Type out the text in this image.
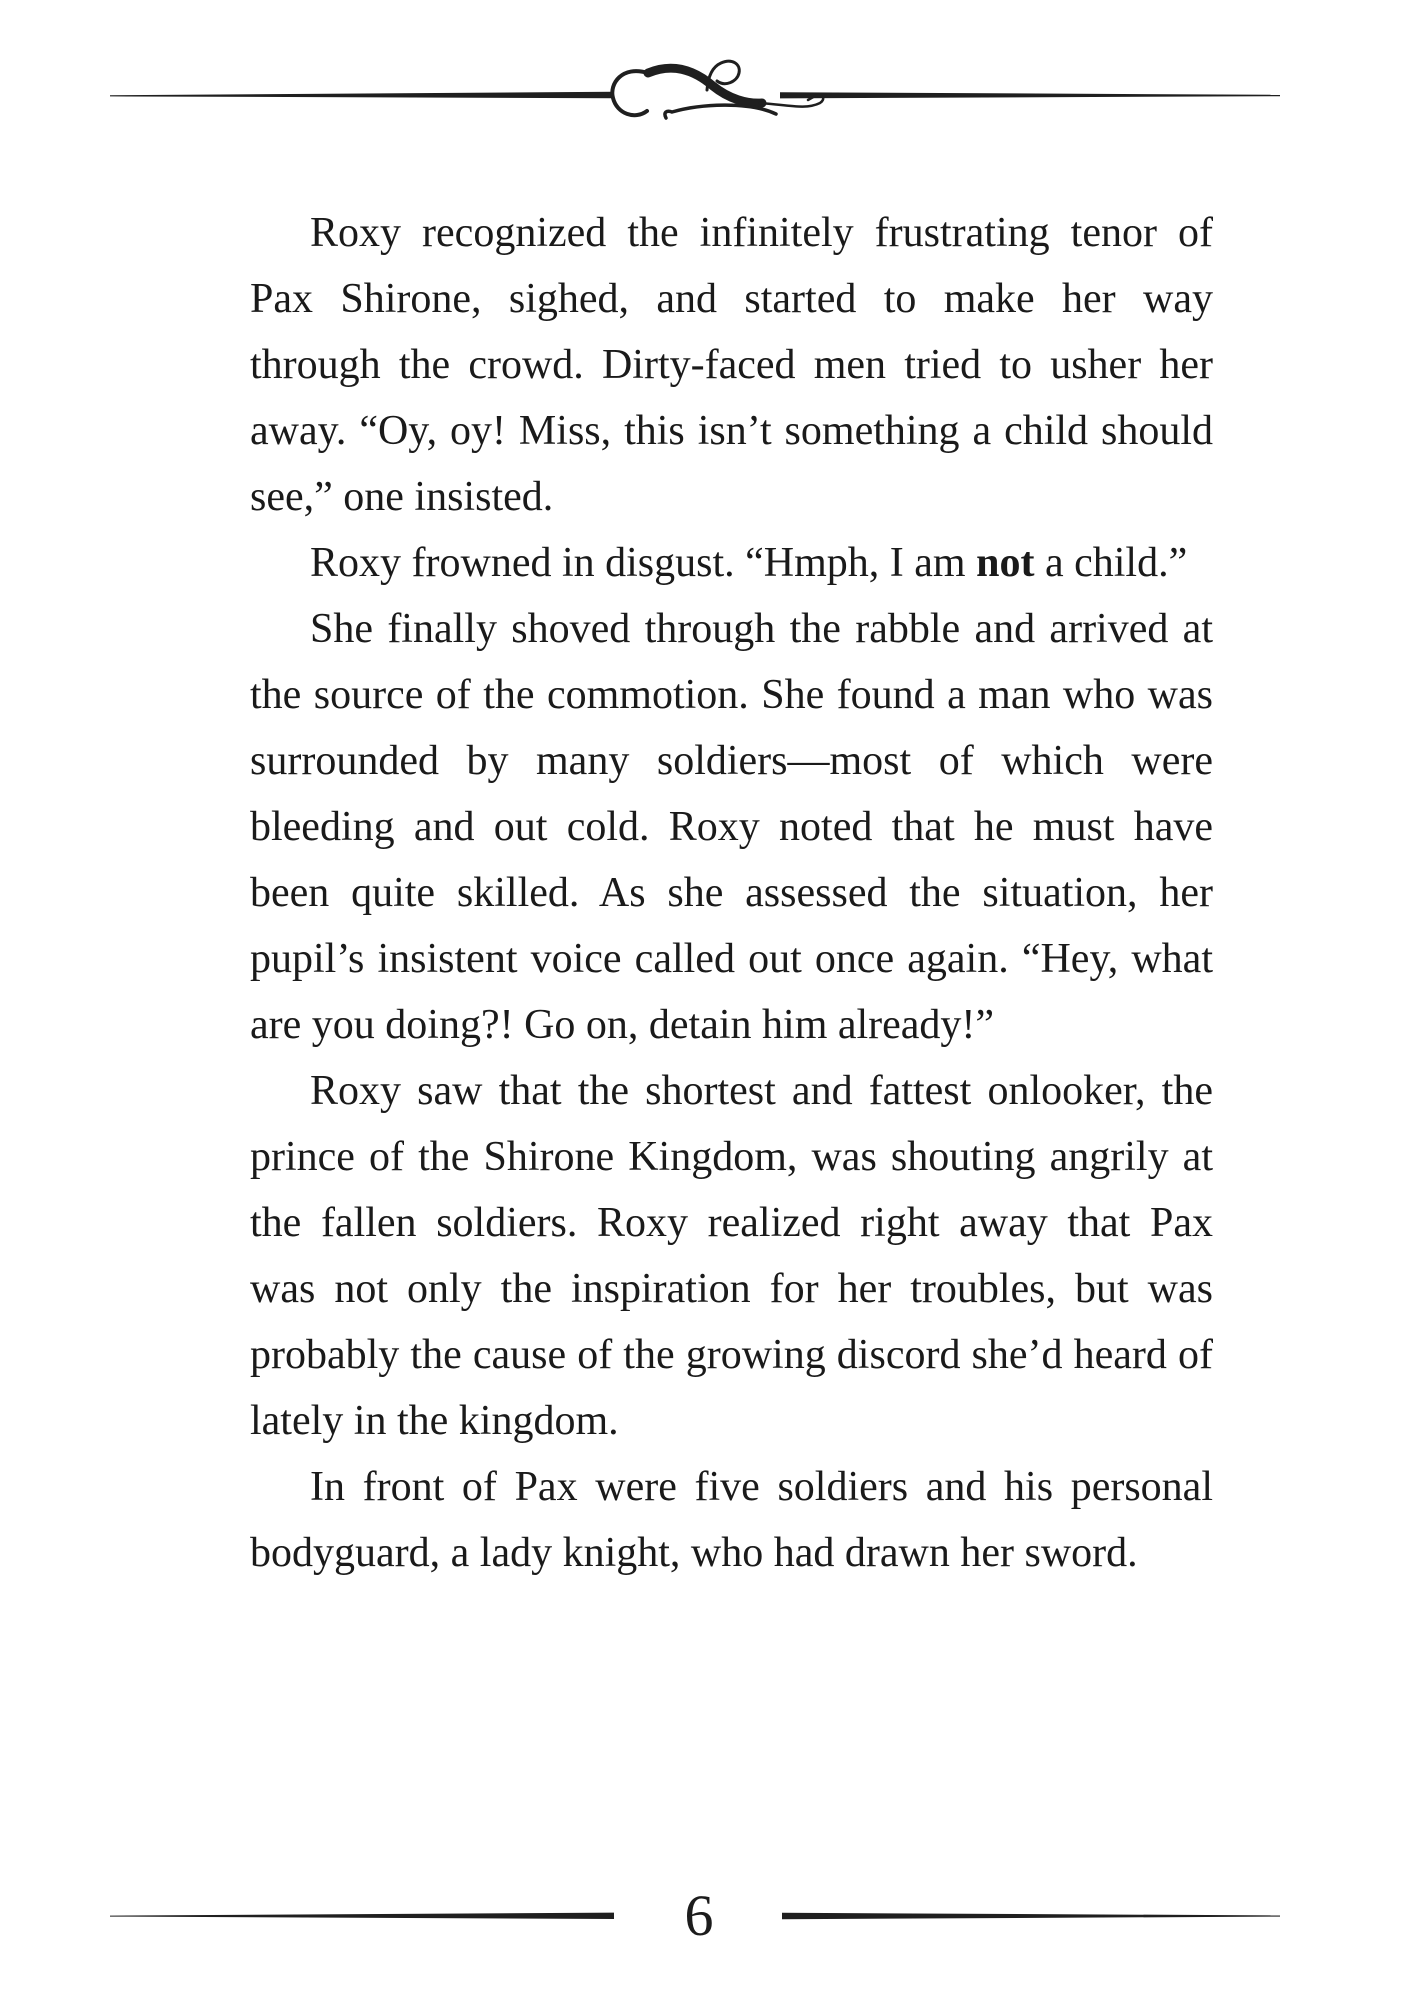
Roxy recognized the infinitely frustrating tenor of Pax Shirone, sighed, and started to make her way through the crowd. Dirty-faced men tried to usher her away. “Oy, oy! Miss, this isn’t something a child should see,” one insisted.

Roxy frowned in disgust. “Hmph, I am not a child.”

She finally shoved through the rabble and arrived at the source of the commotion. She found a man who was surrounded by many soldiers—most of which were bleeding and out cold. Roxy noted that he must have been quite skilled. As she assessed the situation, her pupil’s insistent voice called out once again. “Hey, what are you doing?! Go on, detain him already!”

Roxy saw that the shortest and fattest onlooker, the prince of the Shirone Kingdom, was shouting angrily at the fallen soldiers. Roxy realized right away that Pax was not only the inspiration for her troubles, but was probably the cause of the growing discord she’d heard of lately in the kingdom.

In front of Pax were five soldiers and his personal bodyguard, a lady knight, who had drawn her sword.

6
